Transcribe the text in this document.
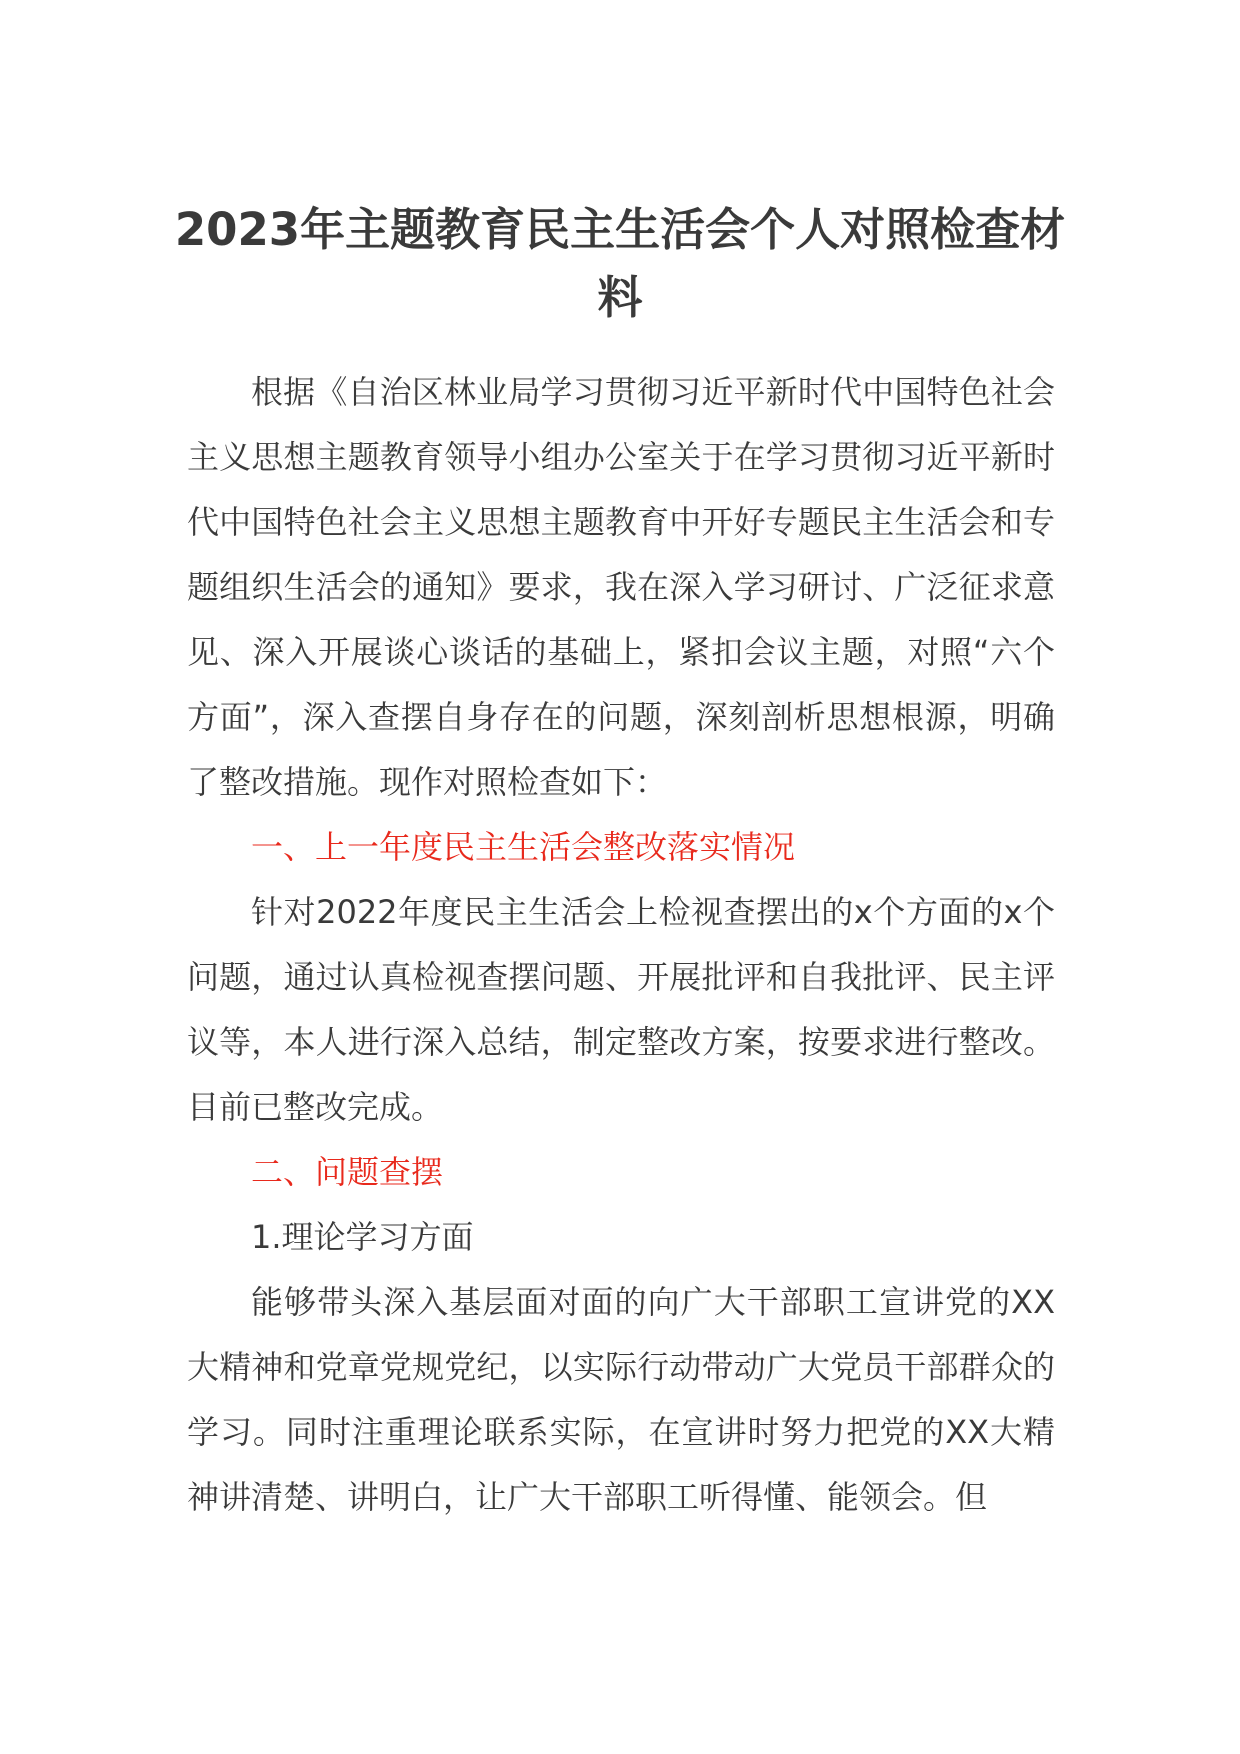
2023年主题教育民主生活会个人对照检查材料

根据《自治区林业局学习贯彻习近平新时代中国特色社会主义思想主题教育领导小组办公室关于在学习贯彻习近平新时代中国特色社会主义思想主题教育中开好专题民主生活会和专题组织生活会的通知》要求，我在深入学习研讨、广泛征求意见、深入开展谈心谈话的基础上，紧扣会议主题，对照“六个方面”，深入查摆自身存在的问题，深刻剖析思想根源，明确了整改措施。现作对照检查如下：

一、上一年度民主生活会整改落实情况

针对2022年度民主生活会上检视查摆出的x个方面的x个问题，通过认真检视查摆问题、开展批评和自我批评、民主评议等，本人进行深入总结，制定整改方案，按要求进行整改。目前已整改完成。

二、问题查摆

1.理论学习方面

能够带头深入基层面对面的向广大干部职工宣讲党的XX大精神和党章党规党纪，以实际行动带动广大党员干部群众的学习。同时注重理论联系实际，在宣讲时努力把党的XX大精神讲清楚、讲明白，让广大干部职工听得懂、能领会。但
